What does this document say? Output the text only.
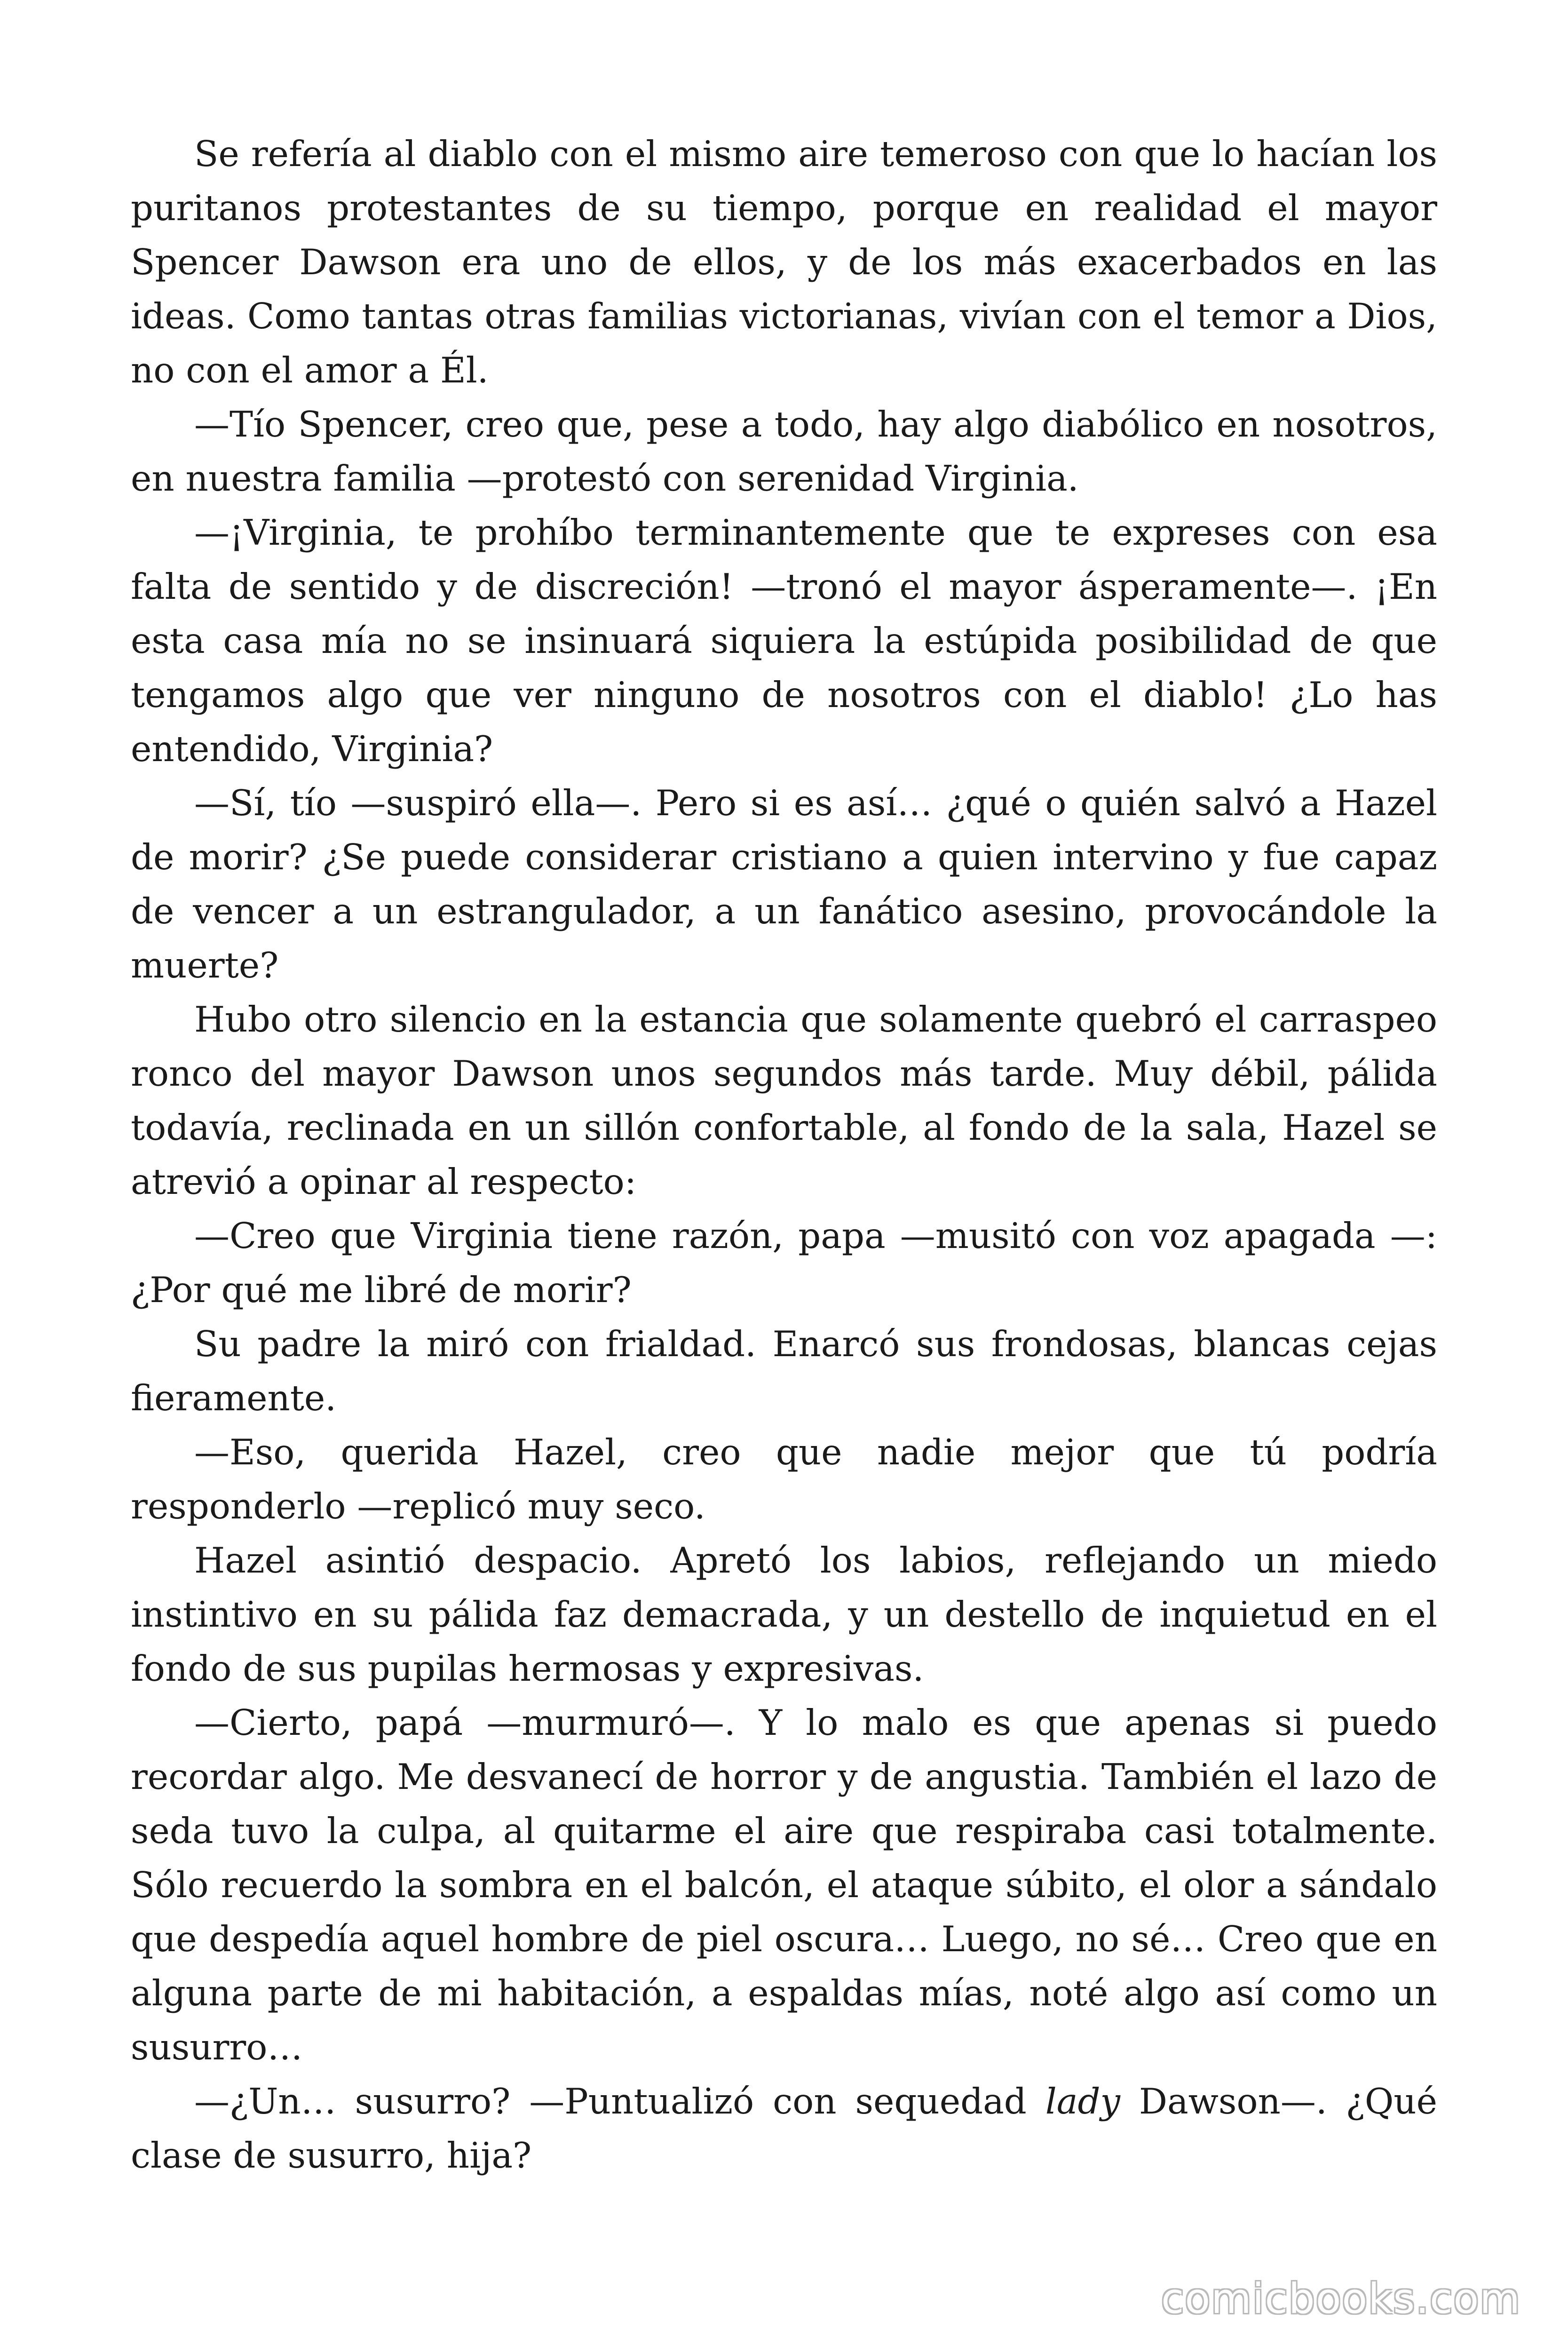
Se refería al diablo con el mismo aire temeroso con que lo hacían los puritanos protestantes de su tiempo, porque en realidad el mayor Spencer Dawson era uno de ellos, y de los más exacerbados en las ideas. Como tantas otras familias victorianas, vivían con el temor a Dios, no con el amor a Él.

—Tío Spencer, creo que, pese a todo, hay algo diabólico en nosotros, en nuestra familia —protestó con serenidad Virginia.

—¡Virginia, te prohíbo terminantemente que te expreses con esa falta de sentido y de discreción! —tronó el mayor ásperamente—. ¡En esta casa mía no se insinuará siquiera la estúpida posibilidad de que tengamos algo que ver ninguno de nosotros con el diablo! ¿Lo has entendido, Virginia?

—Sí, tío —suspiró ella—. Pero si es así… ¿qué o quién salvó a Hazel de morir? ¿Se puede considerar cristiano a quien intervino y fue capaz de vencer a un estrangulador, a un fanático asesino, provocándole la muerte?

Hubo otro silencio en la estancia que solamente quebró el carraspeo ronco del mayor Dawson unos segundos más tarde. Muy débil, pálida todavía, reclinada en un sillón confortable, al fondo de la sala, Hazel se atrevió a opinar al respecto:

—Creo que Virginia tiene razón, papa —musitó con voz apagada —: ¿Por qué me libré de morir?

Su padre la miró con frialdad. Enarcó sus frondosas, blancas cejas fieramente.

—Eso, querida Hazel, creo que nadie mejor que tú podría responderlo —replicó muy seco.

Hazel asintió despacio. Apretó los labios, reflejando un miedo instintivo en su pálida faz demacrada, y un destello de inquietud en el fondo de sus pupilas hermosas y expresivas.

—Cierto, papá —murmuró—. Y lo malo es que apenas si puedo recordar algo. Me desvanecí de horror y de angustia. También el lazo de seda tuvo la culpa, al quitarme el aire que respiraba casi totalmente. Sólo recuerdo la sombra en el balcón, el ataque súbito, el olor a sándalo que despedía aquel hombre de piel oscura… Luego, no sé… Creo que en alguna parte de mi habitación, a espaldas mías, noté algo así como un susurro…

—¿Un… susurro? —Puntualizó con sequedad lady Dawson—. ¿Qué clase de susurro, hija?

comicbooks.com
